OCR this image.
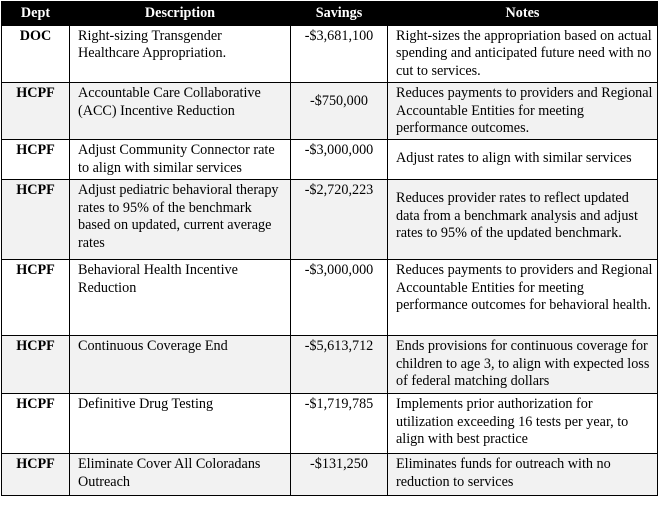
Dept	Description	Savings	Notes
DOC	Right-sizing Transgender Healthcare Appropriation.	-$3,681,100	Right-sizes the appropriation based on actual spending and anticipated future need with no cut to services.
HCPF	Accountable Care Collaborative (ACC) Incentive Reduction	-$750,000	Reduces payments to providers and Regional Accountable Entities for meeting performance outcomes.
HCPF	Adjust Community Connector rate to align with similar services	-$3,000,000	Adjust rates to align with similar services
HCPF	Adjust pediatric behavioral therapy rates to 95% of the benchmark based on updated, current average rates	-$2,720,223	Reduces provider rates to reflect updated data from a benchmark analysis and adjust rates to 95% of the updated benchmark.
HCPF	Behavioral Health Incentive Reduction	-$3,000,000	Reduces payments to providers and Regional Accountable Entities for meeting performance outcomes for behavioral health.
HCPF	Continuous Coverage End	-$5,613,712	Ends provisions for continuous coverage for children to age 3, to align with expected loss of federal matching dollars
HCPF	Definitive Drug Testing	-$1,719,785	Implements prior authorization for utilization exceeding 16 tests per year, to align with best practice
HCPF	Eliminate Cover All Coloradans Outreach	-$131,250	Eliminates funds for outreach with no reduction to services
